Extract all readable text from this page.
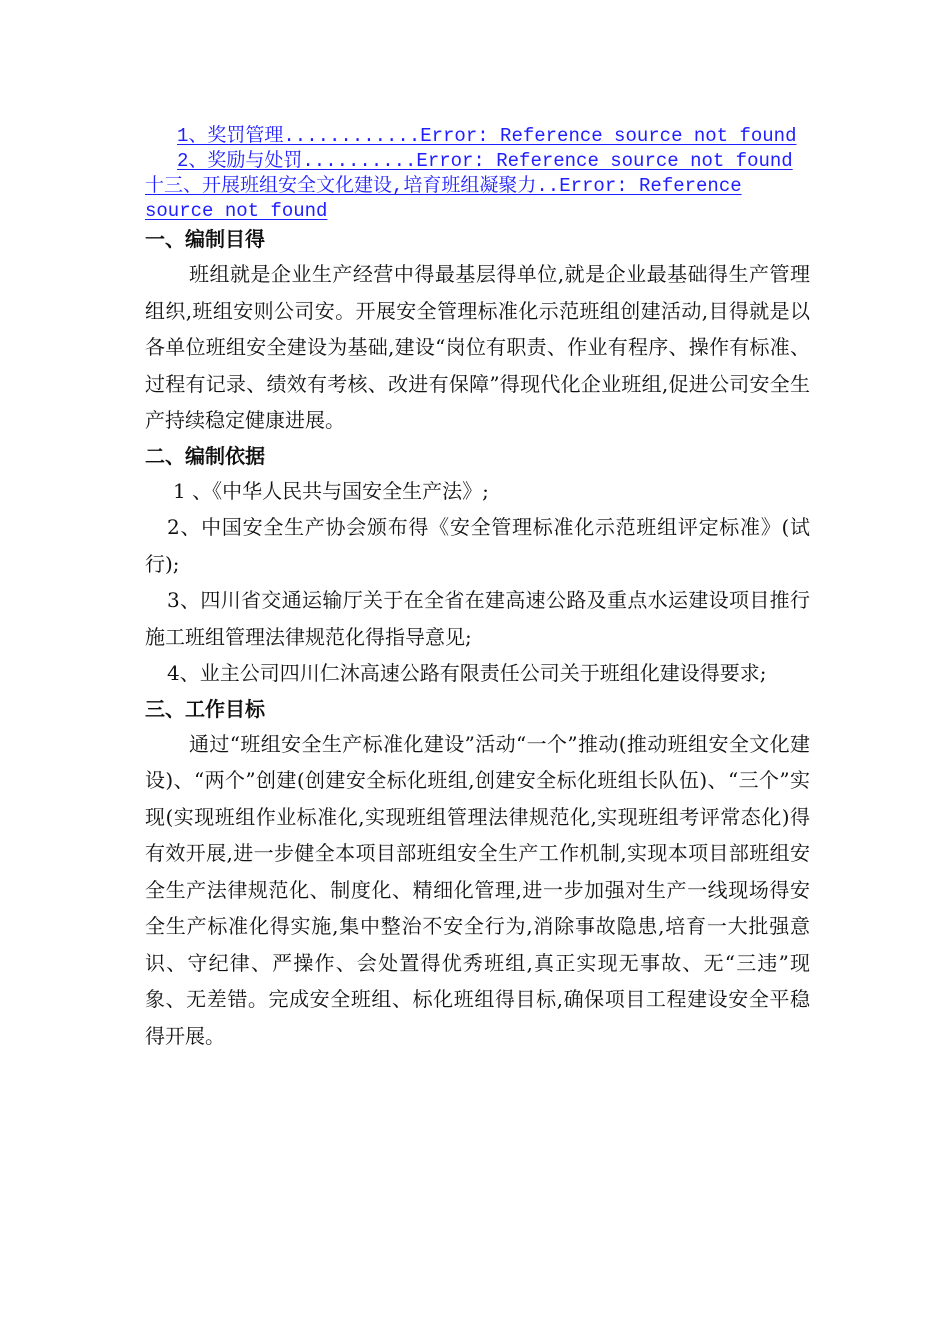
1、奖罚管理............Error: Reference source not found
2、奖励与处罚..........Error: Reference source not found
十三、开展班组安全文化建设,培育班组凝聚力..Error: Reference source not found

一、编制目得

班组就是企业生产经营中得最基层得单位,就是企业最基础得生产管理组织,班组安则公司安。开展安全管理标准化示范班组创建活动,目得就是以各单位班组安全建设为基础,建设“岗位有职责、作业有程序、操作有标准、过程有记录、绩效有考核、改进有保障”得现代化企业班组,促进公司安全生产持续稳定健康进展。

二、编制依据

1 、《中华人民共与国安全生产法》;

2、中国安全生产协会颁布得《安全管理标准化示范班组评定标准》(试行);

3、四川省交通运输厅关于在全省在建高速公路及重点水运建设项目推行施工班组管理法律规范化得指导意见;

4、业主公司四川仁沐高速公路有限责任公司关于班组化建设得要求;

三、工作目标

通过“班组安全生产标准化建设”活动“一个”推动(推动班组安全文化建设)、“两个”创建(创建安全标化班组,创建安全标化班组长队伍)、“三个”实现(实现班组作业标准化,实现班组管理法律规范化,实现班组考评常态化)得有效开展,进一步健全本项目部班组安全生产工作机制,实现本项目部班组安全生产法律规范化、制度化、精细化管理,进一步加强对生产一线现场得安全生产标准化得实施,集中整治不安全行为,消除事故隐患,培育一大批强意识、守纪律、严操作、会处置得优秀班组,真正实现无事故、无“三违”现象、无差错。完成安全班组、标化班组得目标,确保项目工程建设安全平稳得开展。
